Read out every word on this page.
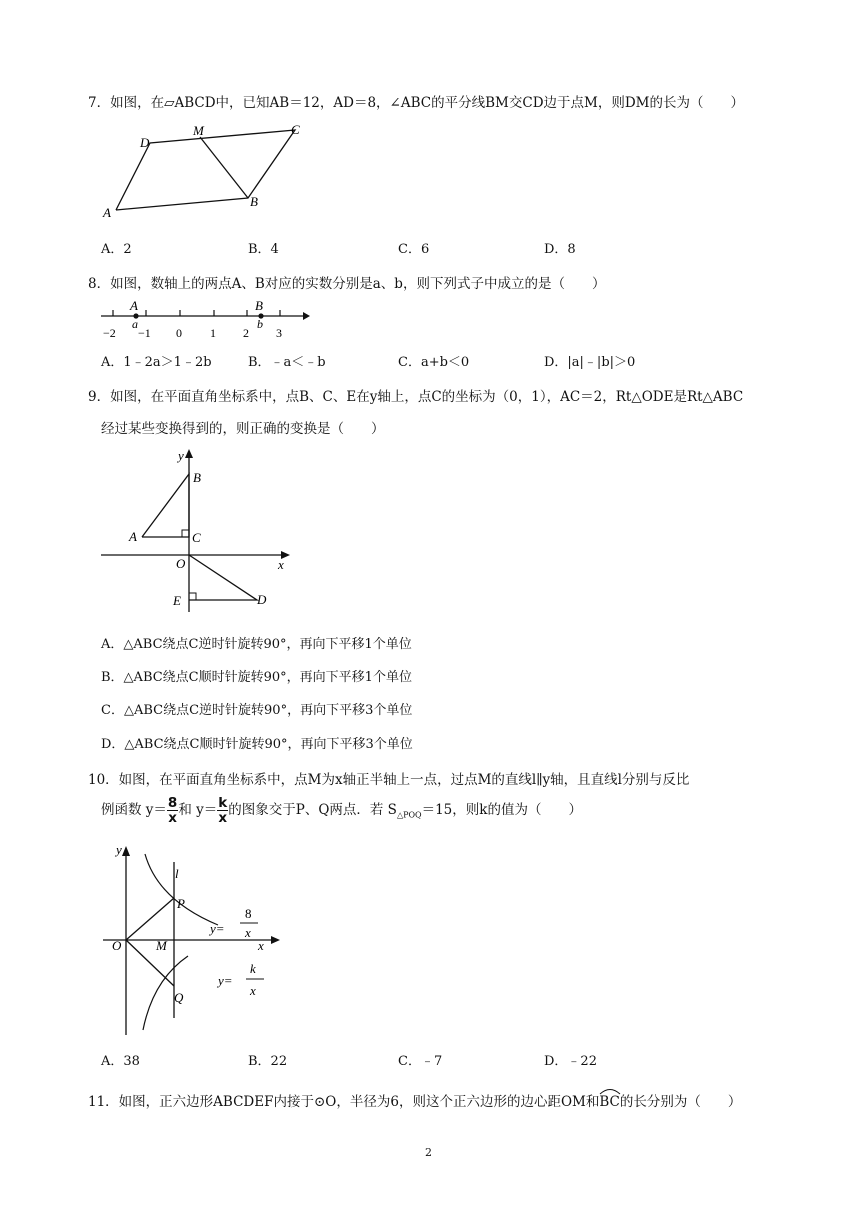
7．如图，在▱ABCD中，已知AB＝12，AD＝8，∠ABC的平分线BM交CD边于点M，则DM的长为（　　）
A
B
C
D
M
A．2	B．4	C．6	D．8
8．如图，数轴上的两点A、B对应的实数分别是a、b，则下列式子中成立的是（　　）
A
a
B
b
−2 −1 0 1 2 3
A．1﹣2a＞1﹣2b	B．﹣a＜﹣b	C．a+b＜0	D．|a|﹣|b|＞0
9．如图，在平面直角坐标系中，点B、C、E在y轴上，点C的坐标为（0，1），AC＝2，Rt△ODE是Rt△ABC
经过某些变换得到的，则正确的变换是（　　）
y
x
O
A
B
C
D
E
A．△ABC绕点C逆时针旋转90°，再向下平移1个单位
B．△ABC绕点C顺时针旋转90°，再向下平移1个单位
C．△ABC绕点C逆时针旋转90°，再向下平移3个单位
D．△ABC绕点C顺时针旋转90°，再向下平移3个单位
10．如图，在平面直角坐标系中，点M为x轴正半轴上一点，过点M的直线l∥y轴，且直线l分别与反比
例函数 $y= \frac{8}{x}$ 和 $y= \frac{k}{x}$ 的图象交于P、Q两点．若 $S_{\triangle POQ}=15$，则k的值为（　　）
y
x
l
O	M
P
Q
y=
8
x
y=
k
x
A．38	B．22	C．﹣7	D．﹣22
11．如图，正六边形ABCDEF内接于⊙O，半径为6，则这个正六边形的边心距OM和
BC的长分别为（　　）
2
